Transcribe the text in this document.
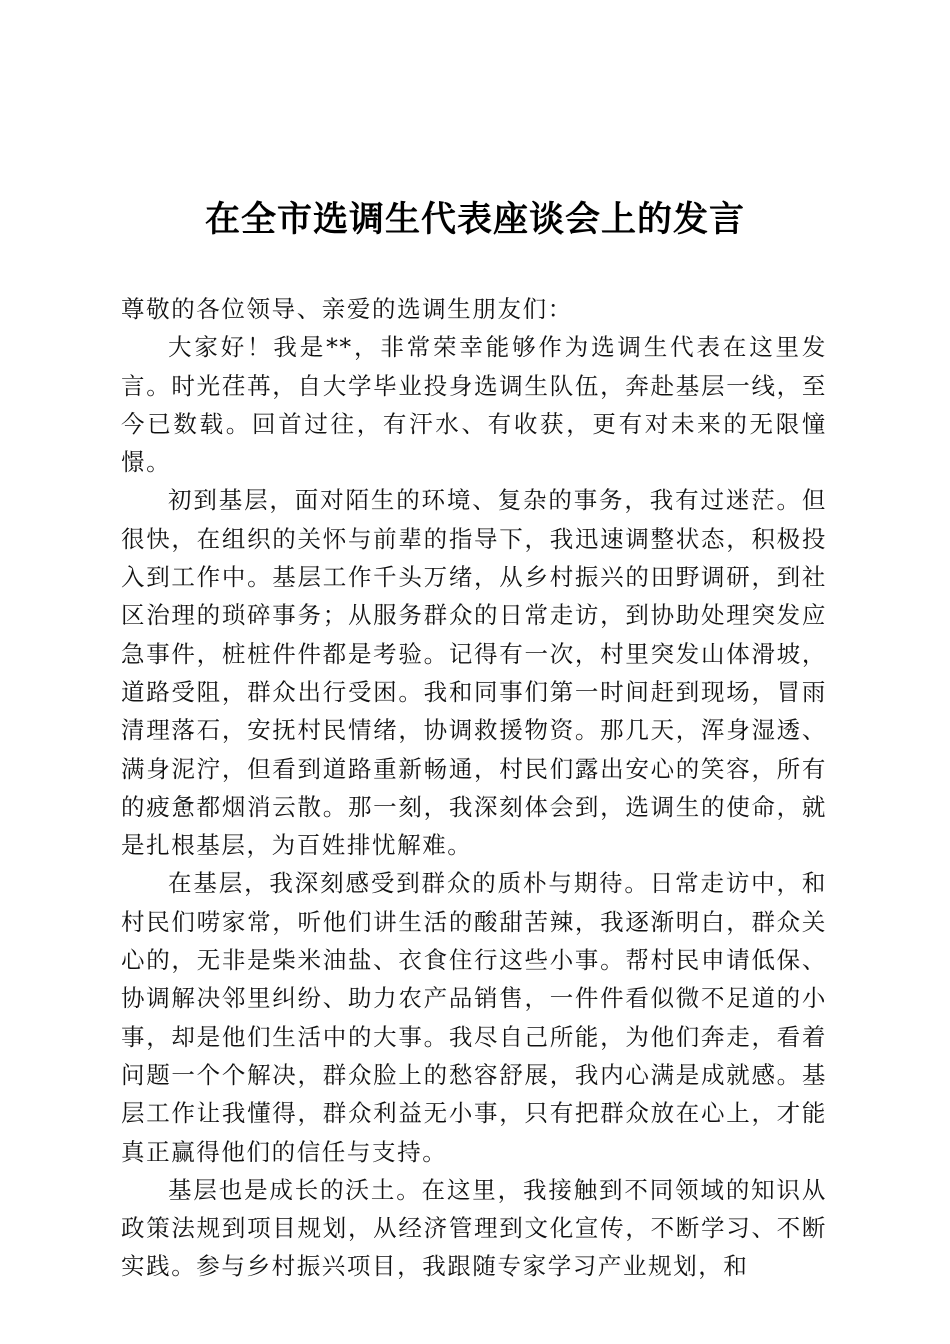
在全市选调生代表座谈会上的发言

尊敬的各位领导、亲爱的选调生朋友们：

大家好！我是**，非常荣幸能够作为选调生代表在这里发言。时光荏苒，自大学毕业投身选调生队伍，奔赴基层一线，至今已数载。回首过往，有汗水、有收获，更有对未来的无限憧憬。

初到基层，面对陌生的环境、复杂的事务，我有过迷茫。但很快，在组织的关怀与前辈的指导下，我迅速调整状态，积极投入到工作中。基层工作千头万绪，从乡村振兴的田野调研，到社区治理的琐碎事务；从服务群众的日常走访，到协助处理突发应急事件，桩桩件件都是考验。记得有一次，村里突发山体滑坡，道路受阻，群众出行受困。我和同事们第一时间赶到现场，冒雨清理落石，安抚村民情绪，协调救援物资。那几天，浑身湿透、满身泥泞，但看到道路重新畅通，村民们露出安心的笑容，所有的疲惫都烟消云散。那一刻，我深刻体会到，选调生的使命，就是扎根基层，为百姓排忧解难。

在基层，我深刻感受到群众的质朴与期待。日常走访中，和村民们唠家常，听他们讲生活的酸甜苦辣，我逐渐明白，群众关心的，无非是柴米油盐、衣食住行这些小事。帮村民申请低保、协调解决邻里纠纷、助力农产品销售，一件件看似微不足道的小事，却是他们生活中的大事。我尽自己所能，为他们奔走，看着问题一个个解决，群众脸上的愁容舒展，我内心满是成就感。基层工作让我懂得，群众利益无小事，只有把群众放在心上，才能真正赢得他们的信任与支持。

基层也是成长的沃土。在这里，我接触到不同领域的知识从政策法规到项目规划，从经济管理到文化宣传，不断学习、不断实践。参与乡村振兴项目，我跟随专家学习产业规划，和
